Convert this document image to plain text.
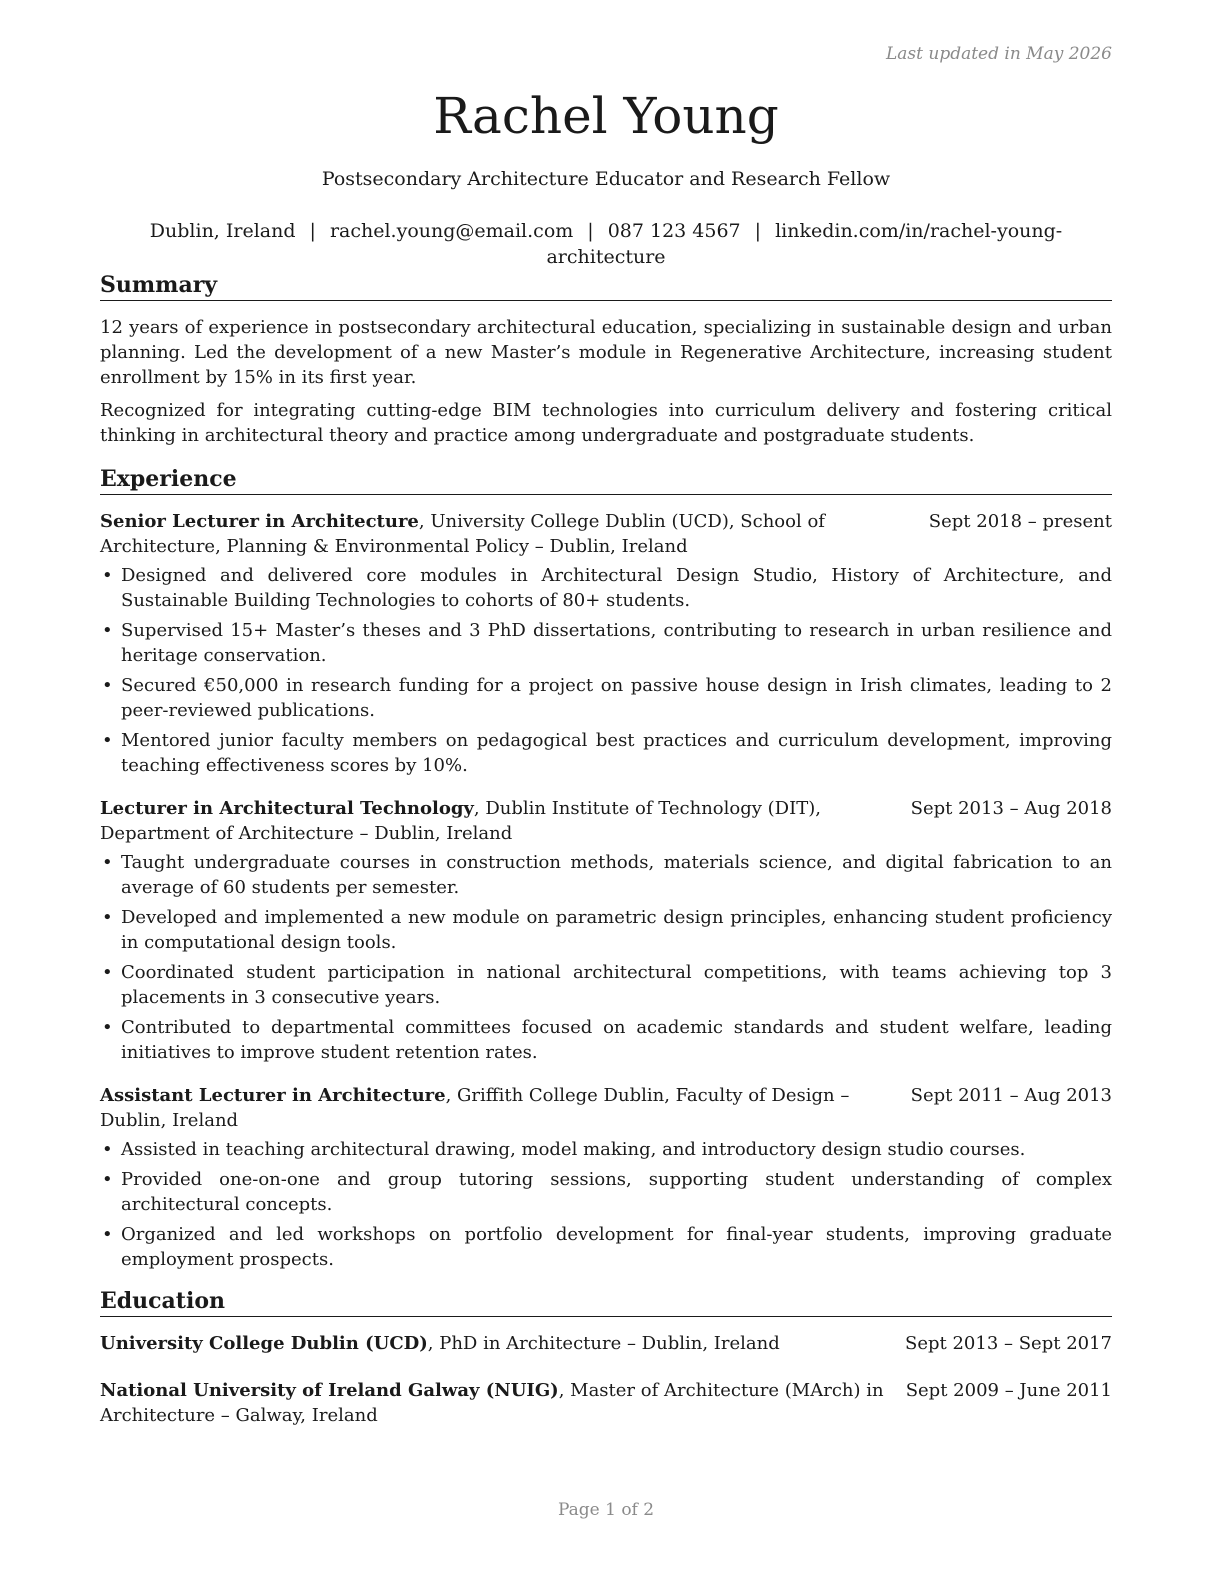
Last updated in May 2026
Rachel Young
Postsecondary Architecture Educator and Research Fellow
Dublin, Ireland | rachel.young@email.com | 087 123 4567 | linkedin.com/in/rachel-young-architecture
Summary

12 years of experience in postsecondary architectural education, specializing in sustainable design and urban planning. Led the development of a new Master’s module in Regenerative Architecture, increasing student enrollment by 15% in its first year.

Recognized for integrating cutting-edge BIM technologies into curriculum delivery and fostering critical thinking in architectural theory and practice among undergraduate and postgraduate students.

Experience
Senior Lecturer in Architecture, University College Dublin (UCD), School of Architecture, Planning & Environmental Policy – Dublin, Ireland
Sept 2018 – present
• Designed and delivered core modules in Architectural Design Studio, History of Architecture, and Sustainable Building Technologies to cohorts of 80+ students.
• Supervised 15+ Master’s theses and 3 PhD dissertations, contributing to research in urban resilience and heritage conservation.
• Secured €50,000 in research funding for a project on passive house design in Irish climates, leading to 2 peer-reviewed publications.
• Mentored junior faculty members on pedagogical best practices and curriculum development, improving teaching effectiveness scores by 10%.
Lecturer in Architectural Technology, Dublin Institute of Technology (DIT), Department of Architecture – Dublin, Ireland
Sept 2013 – Aug 2018
• Taught undergraduate courses in construction methods, materials science, and digital fabrication to an average of 60 students per semester.
• Developed and implemented a new module on parametric design principles, enhancing student proficiency in computational design tools.
• Coordinated student participation in national architectural competitions, with teams achieving top 3 placements in 3 consecutive years.
• Contributed to departmental committees focused on academic standards and student welfare, leading initiatives to improve student retention rates.
Assistant Lecturer in Architecture, Griffith College Dublin, Faculty of Design – Dublin, Ireland
Sept 2011 – Aug 2013
• Assisted in teaching architectural drawing, model making, and introductory design studio courses.
• Provided one-on-one and group tutoring sessions, supporting student understanding of complex architectural concepts.
• Organized and led workshops on portfolio development for final-year students, improving graduate employment prospects.
Education
University College Dublin (UCD), PhD in Architecture – Dublin, Ireland	Sept 2013 – Sept 2017
National University of Ireland Galway (NUIG), Master of Architecture (MArch) in Architecture – Galway, Ireland
Sept 2009 – June 2011
Page 1 of 2
